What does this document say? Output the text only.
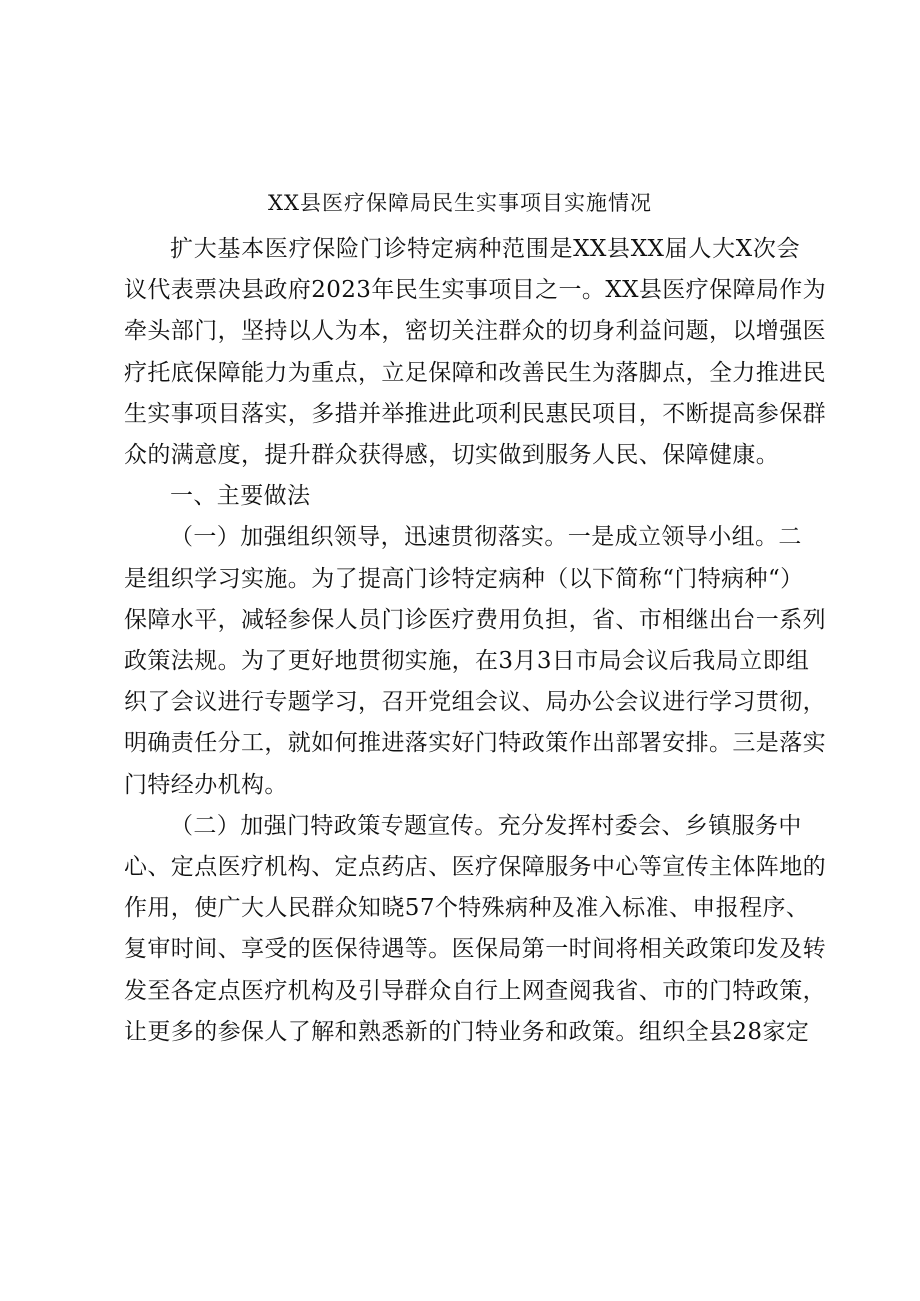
XX县医疗保障局民生实事项目实施情况
扩大基本医疗保险门诊特定病种范围是XX县XX届人大X次会
议代表票决县政府2023年民生实事项目之一。XX县医疗保障局作为
牵头部门，坚持以人为本，密切关注群众的切身利益问题，以增强医
疗托底保障能力为重点，立足保障和改善民生为落脚点，全力推进民
生实事项目落实，多措并举推进此项利民惠民项目，不断提高参保群
众的满意度，提升群众获得感，切实做到服务人民、保障健康。
一、主要做法
（一）加强组织领导，迅速贯彻落实。一是成立领导小组。二
是组织学习实施。为了提高门诊特定病种（以下简称“门特病种“）
保障水平，减轻参保人员门诊医疗费用负担，省、市相继出台一系列
政策法规。为了更好地贯彻实施，在3月3日市局会议后我局立即组
织了会议进行专题学习，召开党组会议、局办公会议进行学习贯彻，
明确责任分工，就如何推进落实好门特政策作出部署安排。三是落实
门特经办机构。
（二）加强门特政策专题宣传。充分发挥村委会、乡镇服务中
心、定点医疗机构、定点药店、医疗保障服务中心等宣传主体阵地的
作用，使广大人民群众知晓57个特殊病种及准入标准、申报程序、
复审时间、享受的医保待遇等。医保局第一时间将相关政策印发及转
发至各定点医疗机构及引导群众自行上网查阅我省、市的门特政策，
让更多的参保人了解和熟悉新的门特业务和政策。组织全县28家定
